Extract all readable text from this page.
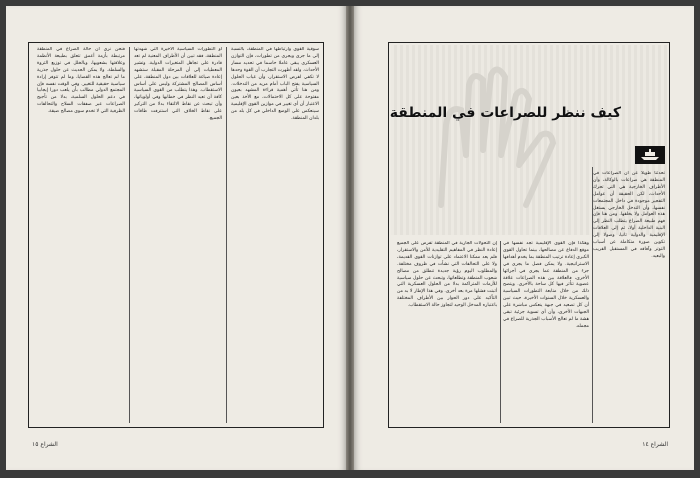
سوقية القوى وارتباطها في المنطقة، بالنسبة إلى ما جرى ويجري من تطورات، فإن التوازن العسكري يبقى عاملا حاسما في تحديد مسار الأحداث. ولقد أظهرت التجارب أن القوة وحدها لا تكفي لفرض الاستقرار، وأن غياب الحلول السياسية يفتح الباب أمام مزيد من التدخلات. ومن هنا تأتي أهمية قراءة المشهد بعيون مفتوحة على كل الاحتمالات، مع الأخذ بعين الاعتبار أن أي تغيير في موازين القوى الإقليمية سينعكس على الوضع الداخلي في كل بلد من بلدان المنطقة.
أو التطورات السياسية الأخيرة التي شهدتها المنطقة، فقد تبين أن الأطراف المعنية لم تعد قادرة على تجاهل المتغيرات الدولية. وتشير المعطيات إلى أن المرحلة المقبلة ستشهد إعادة صياغة للعلاقات بين دول المنطقة، على أساس المصالح المشتركة وليس على أساس الاستقطاب. وهذا يتطلب من القوى السياسية كافة أن تعيد النظر في خطابها وفي أولوياتها، وأن تبحث عن نقاط الالتقاء بدلا من التركيز على نقاط الخلاف التي استنزفت طاقات الجميع.
فنحن نرى أن حالة الصراع في المنطقة مرتبطة بأزمة أعمق تتعلق بطبيعة الأنظمة وعلاقتها بشعوبها، وبالخلل في توزيع الثروة والسلطة. ولا يمكن الحديث عن حلول جذرية ما لم تعالج هذه القضايا، وما لم تتوفر إرادة سياسية حقيقية للتغيير. وفي الوقت نفسه فإن المجتمع الدولي مطالب بأن يلعب دورا إيجابيا في دعم الحلول السلمية، بدلا من تأجيج الصراعات عبر صفقات السلاح والتحالفات الظرفية التي لا تخدم سوى مصالح ضيقة.
الشراع ١٥
كيف ننظر للصراعات في المنطقة
تحدثنا طويلا عن أن الصراعات في المنطقة هي صراعات بالوكالة، وأن الأطراف الخارجية هي التي تحرك الأحداث، لكن الحقيقة أن عوامل التفجير موجودة في داخل المجتمعات نفسها، وأن التدخل الخارجي يستغل هذه العوامل ولا يخلقها. ومن هنا فإن فهم طبيعة الصراع يتطلب النظر إلى البنية الداخلية أولا، ثم إلى العلاقات الإقليمية والدولية ثانيا، وصولا إلى تكوين صورة متكاملة عن أسباب التوتر وآفاقه في المستقبل القريب والبعيد.
وهكذا فإن القوى الإقليمية تجد نفسها في موقع الدفاع عن مصالحها، بينما تحاول القوى الكبرى إعادة ترتيب المنطقة بما يخدم أهدافها الاستراتيجية. ولا يمكن فصل ما يجري في جزء من المنطقة عما يجري في أجزائها الأخرى، فالعلاقة بين هذه الصراعات علاقة عضوية تتأثر فيها كل ساحة بالأخرى. ويتضح ذلك من خلال متابعة التطورات السياسية والعسكرية خلال السنوات الأخيرة، حيث تبين أن كل تصعيد في جبهة ينعكس مباشرة على الجبهات الأخرى، وأن أي تسوية جزئية تبقى هشة ما لم تعالج الأسباب الجذرية للصراع في مجمله.
إن التحولات الجارية في المنطقة تفرض على الجميع إعادة النظر في المفاهيم التقليدية للأمن والاستقرار، فلم يعد ممكنا الاعتماد على توازنات القوى القديمة، ولا على التحالفات التي نشأت في ظروف مختلفة. والمطلوب اليوم رؤية جديدة تنطلق من مصالح شعوب المنطقة وتطلعاتها، وتبحث عن حلول سياسية للأزمات المتراكمة بدلا من الحلول العسكرية التي أثبتت فشلها مرة بعد أخرى. وفي هذا الإطار لا بد من التأكيد على دور الحوار بين الأطراف المختلفة باعتباره المدخل الوحيد لتجاوز حالة الاستقطاب.
الشراع ١٤
